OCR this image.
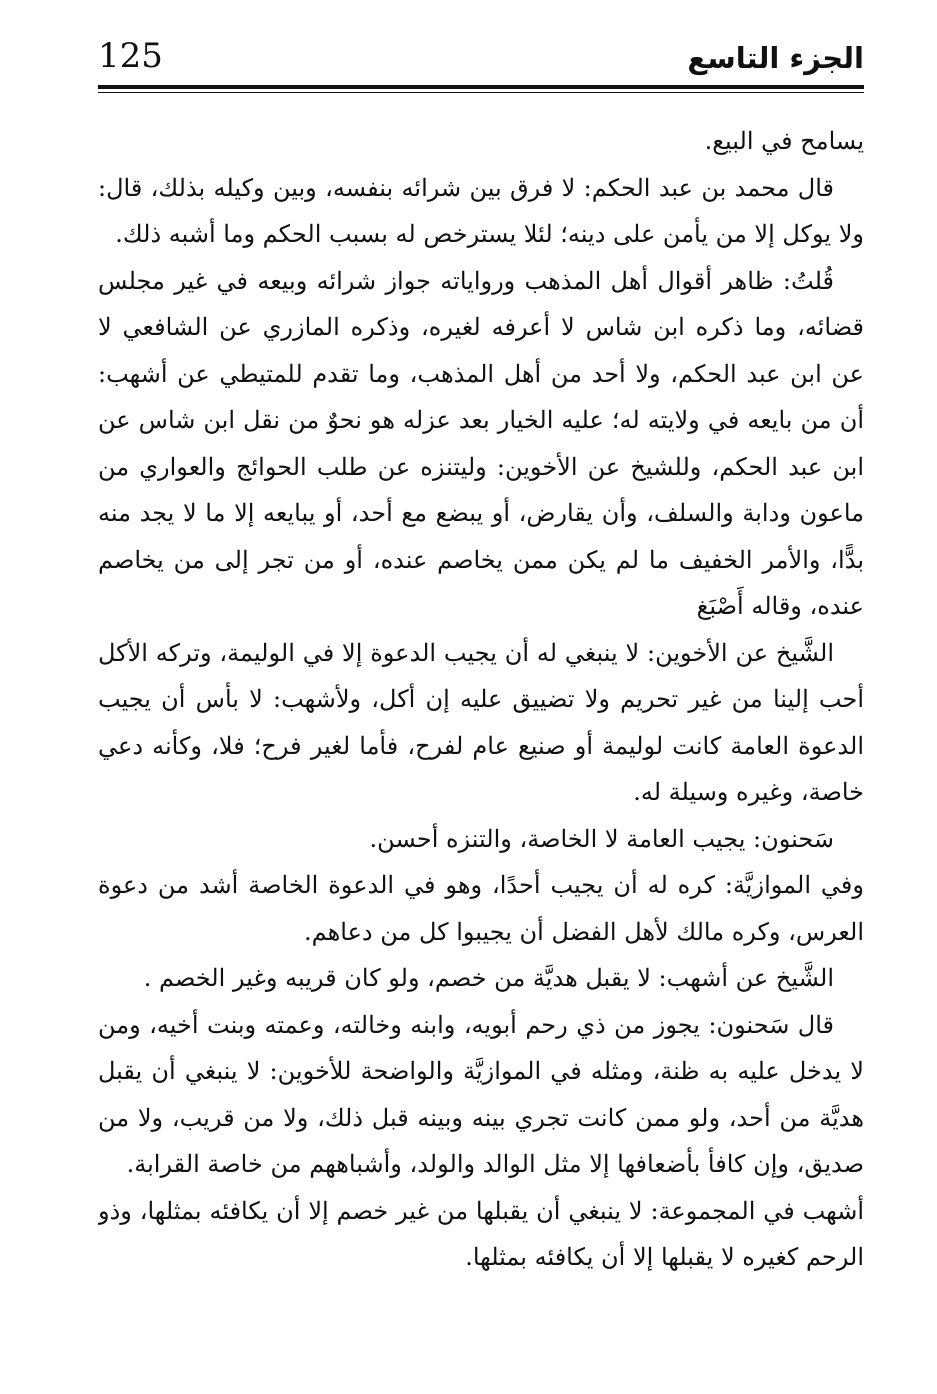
125	الجزء التاسع

يسامح في البيع.

قال محمد بن عبد الحكم: لا فرق بين شرائه بنفسه، وبين وكيله بذلك، قال: ولا يوكل إلا من يأمن على دينه؛ لئلا يسترخص له بسبب الحكم وما أشبه ذلك.

قُلتُ: ظاهر أقوال أهل المذهب ورواياته جواز شرائه وبيعه في غير مجلس قضائه، وما ذكره ابن شاس لا أعرفه لغيره، وذكره المازري عن الشافعي لا عن ابن عبد الحكم، ولا أحد من أهل المذهب، وما تقدم للمتيطي عن أشهب: أن من بايعه في ولايته له؛ عليه الخيار بعد عزله هو نحوٌ من نقل ابن شاس عن ابن عبد الحكم، وللشيخ عن الأخوين: وليتنزه عن طلب الحوائج والعواري من ماعون ودابة والسلف، وأن يقارض، أو يبضع مع أحد، أو يبايعه إلا ما لا يجد منه بدًّا، والأمر الخفيف ما لم يكن ممن يخاصم عنده، أو من تجر إلى من يخاصم عنده، وقاله أَصْبَغ

الشَّيخ عن الأخوين: لا ينبغي له أن يجيب الدعوة إلا في الوليمة، وتركه الأكل أحب إلينا من غير تحريم ولا تضييق عليه إن أكل، ولأشهب: لا بأس أن يجيب الدعوة العامة كانت لوليمة أو صنيع عام لفرح، فأما لغير فرح؛ فلا، وكأنه دعي خاصة، وغيره وسيلة له.

سَحنون: يجيب العامة لا الخاصة، والتنزه أحسن.

وفي الموازيَّة: كره له أن يجيب أحدًا، وهو في الدعوة الخاصة أشد من دعوة العرس، وكره مالك لأهل الفضل أن يجيبوا كل من دعاهم.

الشَّيخ عن أشهب: لا يقبل هديَّة من خصم، ولو كان قريبه وغير الخصم .

قال سَحنون: يجوز من ذي رحم أبويه، وابنه وخالته، وعمته وبنت أخيه، ومن لا يدخل عليه به ظنة، ومثله في الموازيَّة والواضحة للأخوين: لا ينبغي أن يقبل هديَّة من أحد، ولو ممن كانت تجري بينه وبينه قبل ذلك، ولا من قريب، ولا من صديق، وإن كافأ بأضعافها إلا مثل الوالد والولد، وأشباههم من خاصة القرابة.

أشهب في المجموعة: لا ينبغي أن يقبلها من غير خصم إلا أن يكافئه بمثلها، وذو الرحم كغيره لا يقبلها إلا أن يكافئه بمثلها.
